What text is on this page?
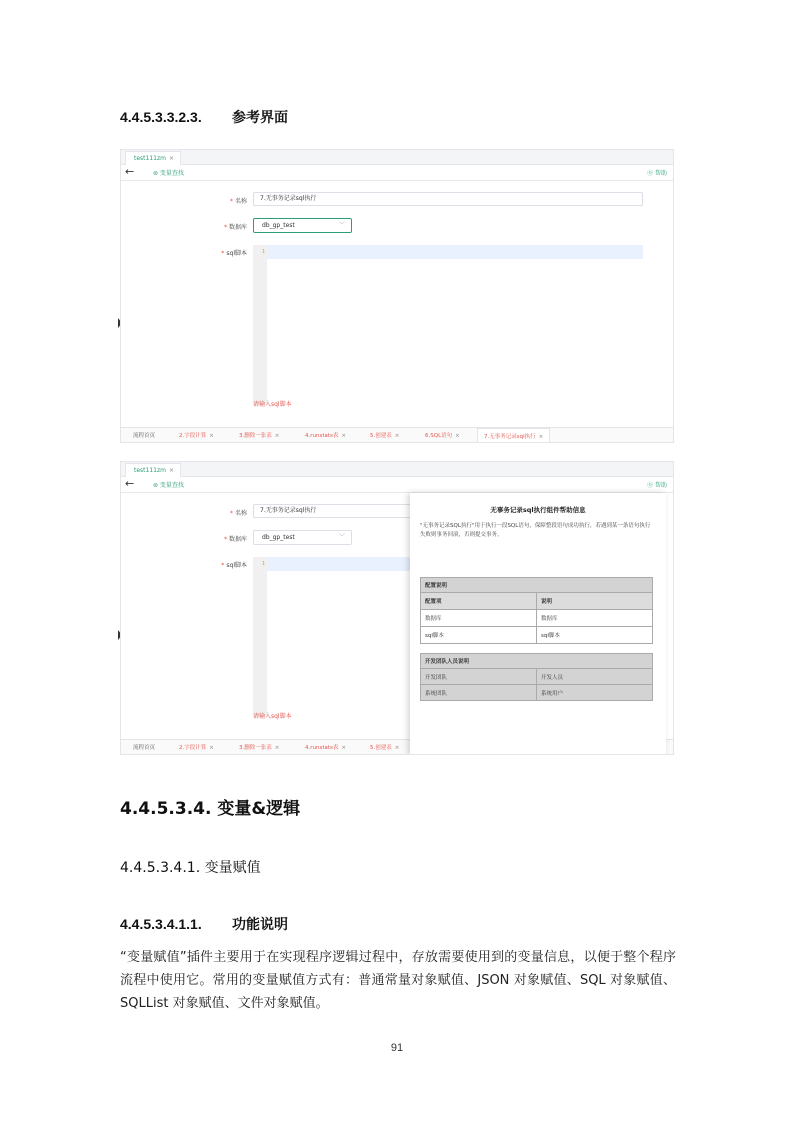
4.4.5.3.3.2.3. 参考界面
test111zm ×
←	⊚ 变量查找	⓪ 帮助
* 名称	7.无事务记录sql执行
* 数据库	db_gp_test	﹀
* sql脚本	1
请输入sql脚本
流程首页	2.字段计算 ×	3.删除一张表 ×	4.runstats表 ×	5.创建表 ×	6.SQL语句 ×	7.无事务记录sql执行 ×
test111zm ×
←	⊚ 变量查找	⓪ 帮助
* 名称	7.无事务记录sql执行
* 数据库	db_gp_test	﹀
* sql脚本	1
请输入sql脚本
流程首页	2.字段计算 ×	3.删除一张表 ×	4.runstats表 ×	5.创建表 ×
无事务记录sql执行组件帮助信息
"无事务记录SQL执行"用于执行一段SQL语句，保障整段语句成功执行，若遇到某一条语句执行失败则事务回滚，否则提交事务。
配置说明	
配置项	说明
数据库	数据库
sql脚本	sql脚本
开发团队人员说明	
开发团队	开发人员
系统团队	系统用户
4.4.5.3.4. 变量&逻辑
4.4.5.3.4.1. 变量赋值
4.4.5.3.4.1.1. 功能说明
“变量赋值”插件主要用于在实现程序逻辑过程中，存放需要使用到的变量信息，以便于整个程序流程中使用它。常用的变量赋值方式有：普通常量对象赋值、JSON 对象赋值、SQL 对象赋值、SQLList 对象赋值、文件对象赋值。
91
